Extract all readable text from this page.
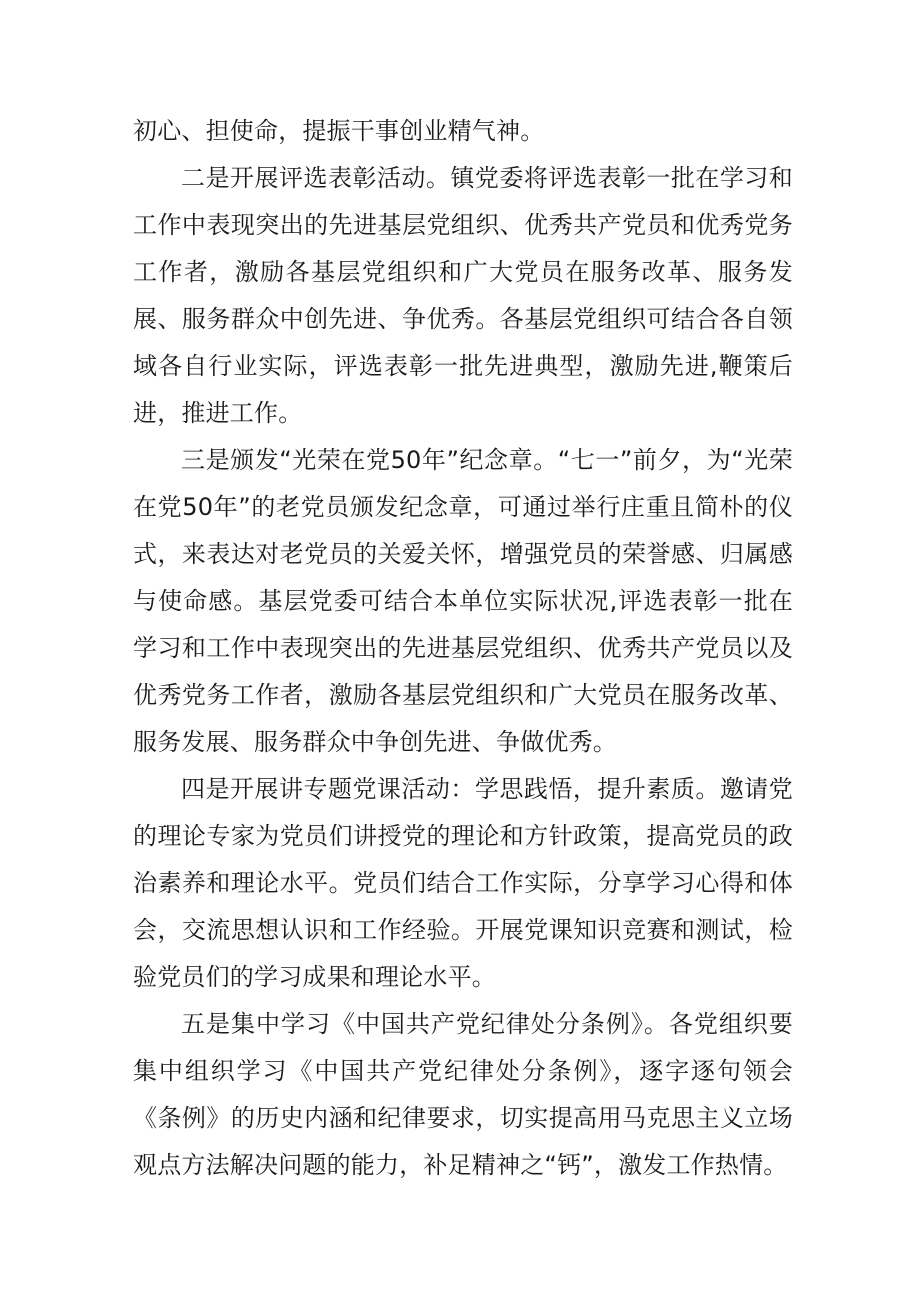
初心、担使命，提振干事创业精气神。

二是开展评选表彰活动。镇党委将评选表彰一批在学习和工作中表现突出的先进基层党组织、优秀共产党员和优秀党务工作者，激励各基层党组织和广大党员在服务改革、服务发展、服务群众中创先进、争优秀。各基层党组织可结合各自领域各自行业实际，评选表彰一批先进典型，激励先进,鞭策后进，推进工作。

三是颁发“光荣在党50年”纪念章。“七一”前夕，为“光荣在党50年”的老党员颁发纪念章，可通过举行庄重且简朴的仪式，来表达对老党员的关爱关怀，增强党员的荣誉感、归属感与使命感。基层党委可结合本单位实际状况,评选表彰一批在学习和工作中表现突出的先进基层党组织、优秀共产党员以及优秀党务工作者，激励各基层党组织和广大党员在服务改革、服务发展、服务群众中争创先进、争做优秀。

四是开展讲专题党课活动：学思践悟，提升素质。邀请党的理论专家为党员们讲授党的理论和方针政策，提高党员的政治素养和理论水平。党员们结合工作实际，分享学习心得和体会，交流思想认识和工作经验。开展党课知识竞赛和测试，检验党员们的学习成果和理论水平。

五是集中学习《中国共产党纪律处分条例》。各党组织要集中组织学习《中国共产党纪律处分条例》，逐字逐句领会《条例》的历史内涵和纪律要求，切实提高用马克思主义立场观点方法解决问题的能力，补足精神之“钙”，激发工作热情。
